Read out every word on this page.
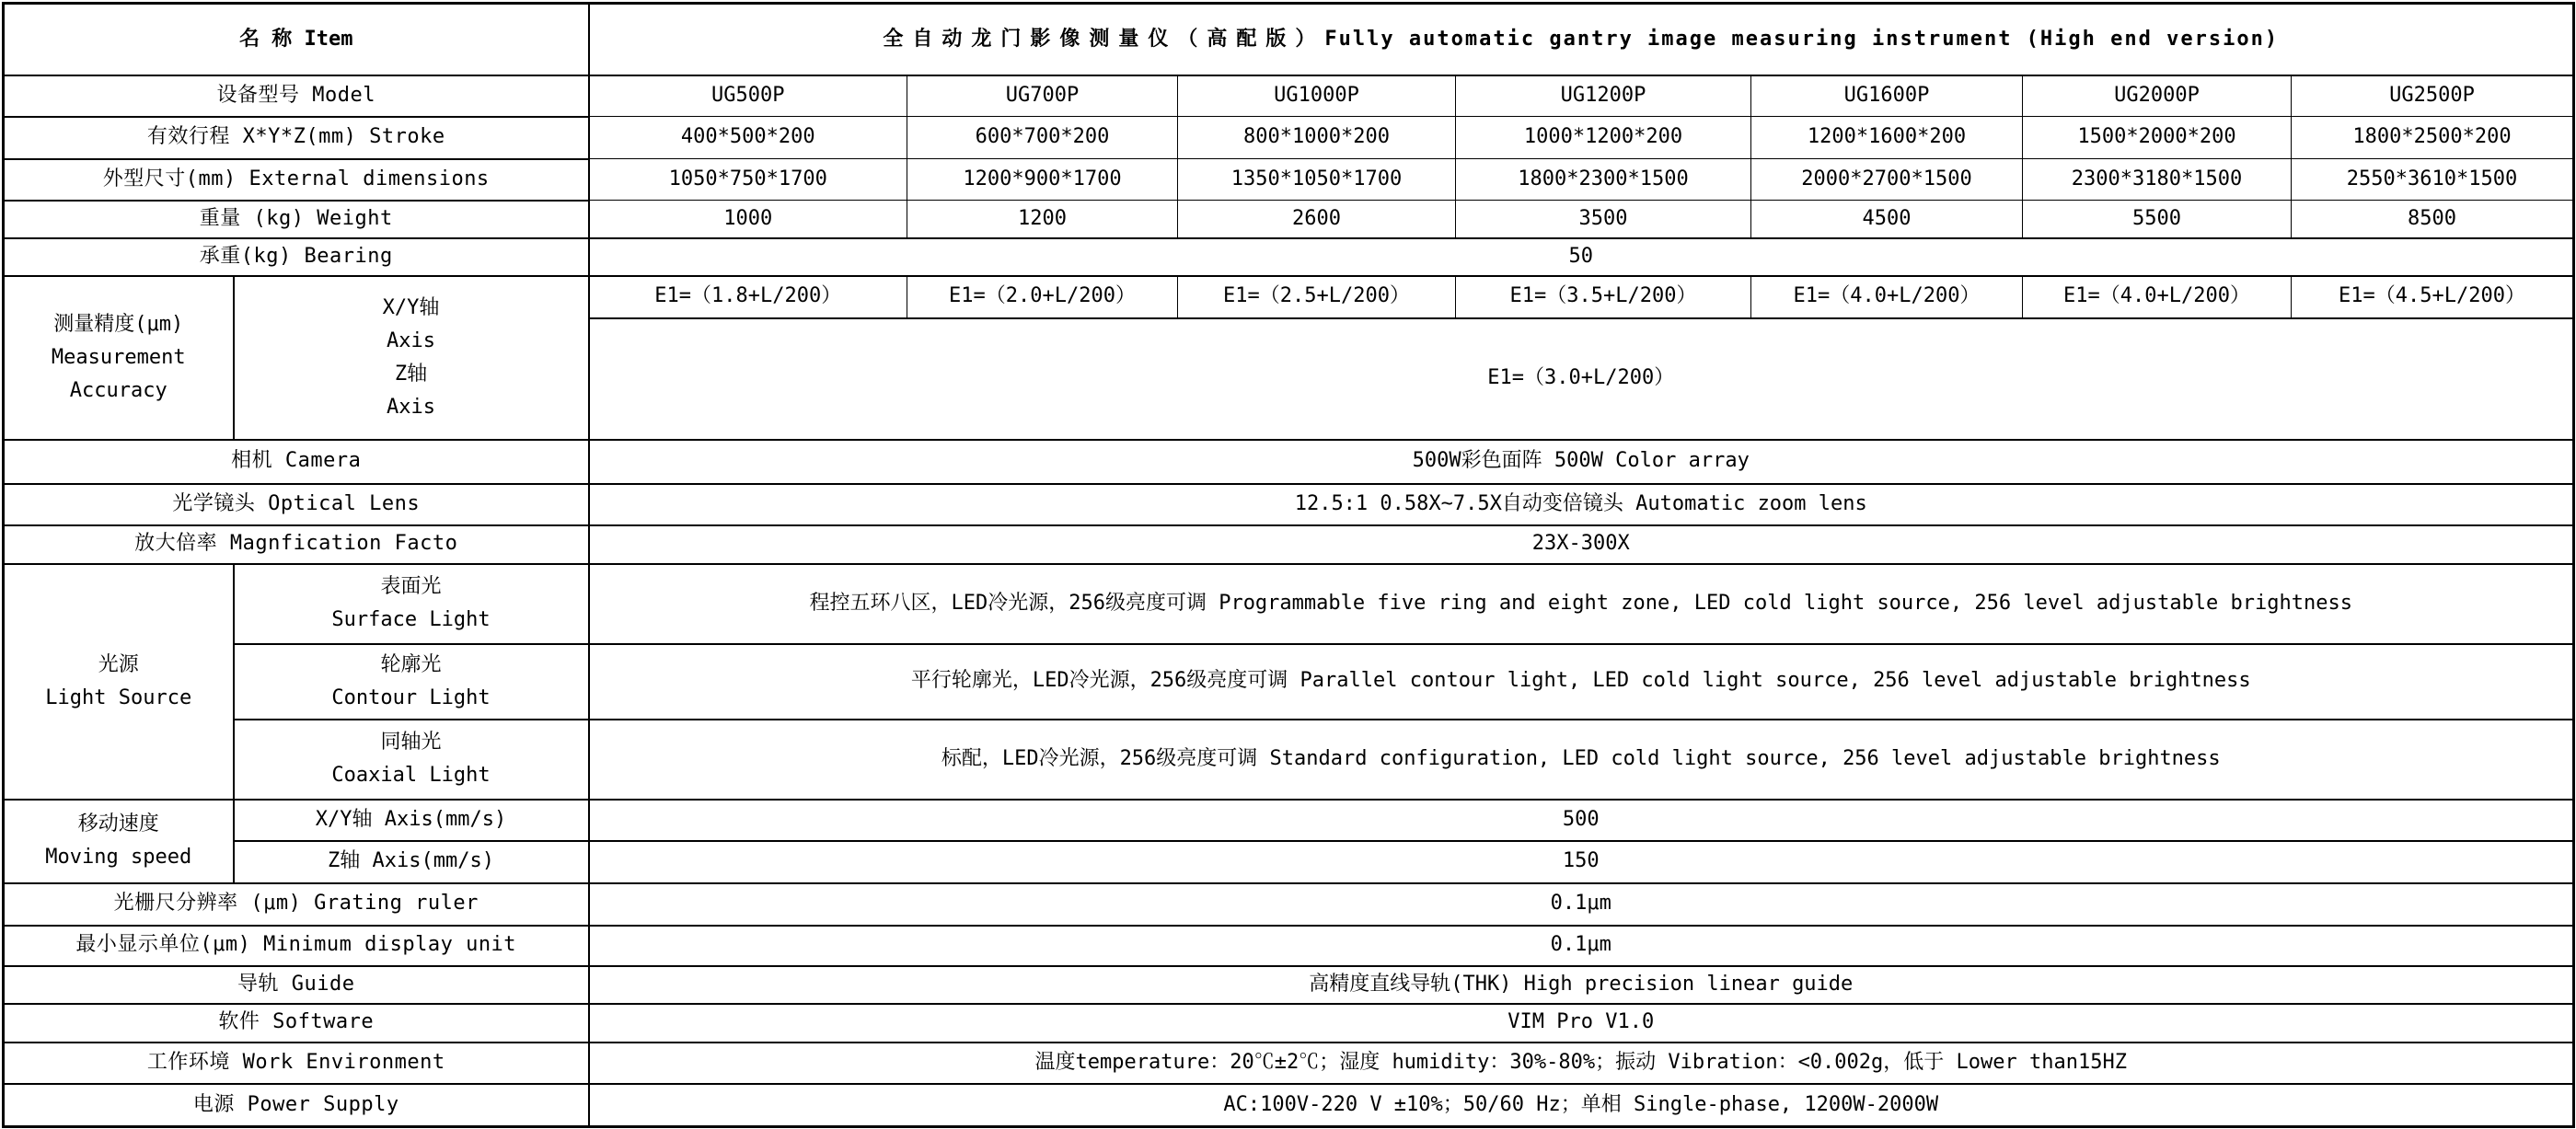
名 称 Item		全自动龙门影像测量仪（高配版）Fully automatic gantry image measuring instrument (High end version)						
设备型号 Model		UG500P	UG700P	UG1000P	UG1200P	UG1600P	UG2000P	UG2500P
有效行程 X*Y*Z(mm) Stroke		400*500*200	600*700*200	800*1000*200	1000*1200*200	1200*1600*200	1500*2000*200	1800*2500*200
外型尺寸(mm) External dimensions		1050*750*1700	1200*900*1700	1350*1050*1700	1800*2300*1500	2000*2700*1500	2300*3180*1500	2550*3610*1500
重量 (kg) Weight		1000	1200	2600	3500	4500	5500	8500
承重(kg) Bearing		50						

测量精度(μm)
Measurement
Accuracy	X/Y轴
Axis
Z轴
Axis	E1=（1.8+L/200）	E1=（2.0+L/200）	E1=（2.5+L/200）	E1=（3.5+L/200）	E1=（4.0+L/200）	E1=（4.0+L/200）	E1=（4.5+L/200）
		E1=（3.0+L/200）						
相机 Camera		500W彩色面阵 500W Color array						
光学镜头 Optical Lens		12.5:1 0.58X~7.5X自动变倍镜头 Automatic zoom lens						
放大倍率 Magnfication Facto		23X-300X						

光源
Light Source	表面光
Surface Light	程控五环八区，LED冷光源，256级亮度可调 Programmable five ring and eight zone, LED cold light source, 256 level adjustable brightness						

	轮廓光
Contour Light	平行轮廓光，LED冷光源，256级亮度可调 Parallel contour light, LED cold light source, 256 level adjustable brightness						

	同轴光
Coaxial Light	标配，LED冷光源，256级亮度可调 Standard configuration, LED cold light source, 256 level adjustable brightness						

移动速度
Moving speed	X/Y轴 Axis(mm/s)	500						
	Z轴 Axis(mm/s)	150						
光栅尺分辨率 (μm) Grating ruler		0.1μm						
最小显示单位(μm) Minimum display unit		0.1μm						
导轨 Guide		高精度直线导轨(THK) High precision linear guide						
软件 Software		VIM Pro V1.0						
工作环境 Work Environment		温度temperature：20℃±2℃；湿度 humidity：30%-80%；振动 Vibration：<0.002g，低于 Lower than15HZ						
电源 Power Supply		AC:100V-220 V ±10%；50/60 Hz；单相 Single-phase, 1200W-2000W						
